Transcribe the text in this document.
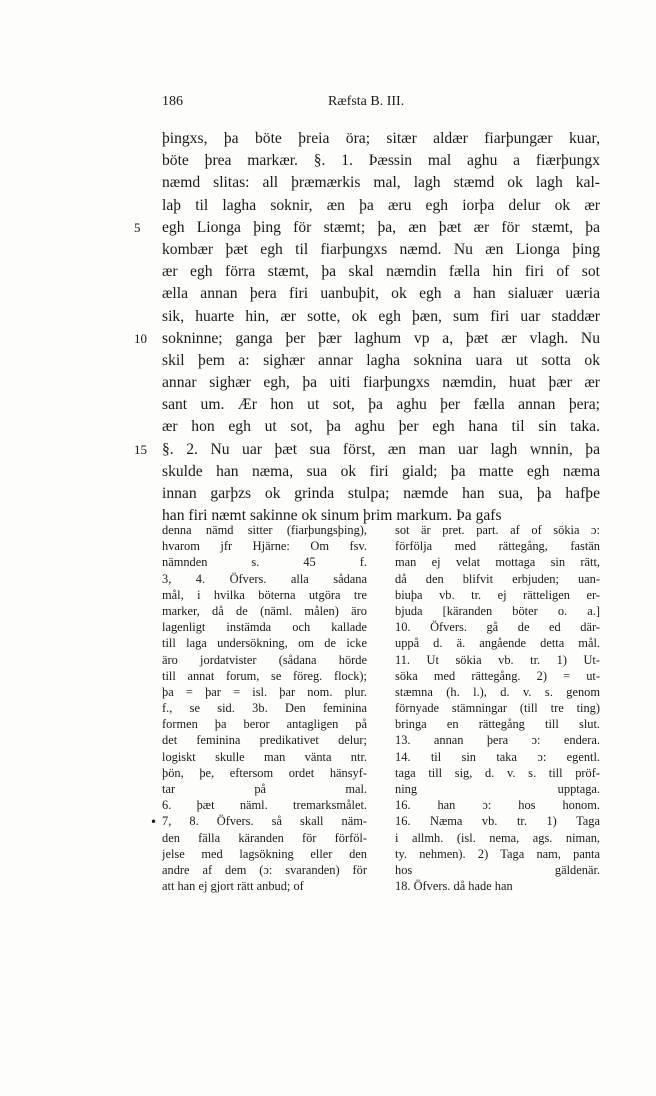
186	Ræfsta B. III.
þingxs, þa böte þreia öra; sitær aldær fiarþungær kuar,
böte þrea markær. §. 1. Þæssin mal aghu a fiærþungx
næmd slitas: all þræmærkis mal, lagh stæmd ok lagh kal-
laþ til lagha soknir, æn þa æru egh iorþa delur ok ær
5	egh Lionga þing för stæmt; þa, æn þæt ær för stæmt, þa
kombær þæt egh til fiarþungxs næmd. Nu æn Lionga þing
ær egh förra stæmt, þa skal næmdin fælla hin firi of sot
ælla annan þera firi uanbuþit, ok egh a han sialuær uæria
sik, huarte hin, ær sotte, ok egh þæn, sum firi uar staddær
10 sokninne; ganga þer þær laghum vp a, þæt ær vlagh. Nu
skil þem a: sighær annar lagha soknina uara ut sotta ok
annar sighær egh, þa uiti fiarþungxs næmdin, huat þær ær
sant um. Ær hon ut sot, þa aghu þer fælla annan þera;
ær hon egh ut sot, þa aghu þer egh hana til sin taka.
15 §. 2. Nu uar þæt sua först, æn man uar lagh wnnin, þa
skulde han næma, sua ok firi giald; þa matte egh næma
innan garþzs ok grinda stulpa; næmde han sua, þa hafþe
han firi næmt sakinne ok sinum þrim markum. Þa gafs
denna nämd sitter (fiarþungsþing),
hvarom jfr Hjärne: Om fsv.
nämnden s. 45 f.
3, 4. Öfvers. alla sådana
mål, i hvilka böterna utgöra tre
marker, då de (näml. målen) äro
lagenligt instämda och kallade
till laga undersökning, om de icke
äro jordatvister (sådana hörde
till annat forum, se föreg. flock);
þa = þar = isl. þar nom. plur.
f., se sid. 3b. Den feminina
formen þa beror antagligen på
det feminina predikativet delur;
logiskt skulle man vänta ntr.
þön, þe, eftersom ordet hänsyf-
tar på mal.
6. þæt näml. tremarksmålet.
7, 8. Öfvers. så skall näm-
den fälla käranden för förföl-
jelse med lagsökning eller den
andre af dem (ɔ: svaranden) för
att han ej gjort rätt anbud; of
sot är pret. part. af of sökia ɔ:
förfölja med rättegång, fastän
man ej velat mottaga sin rätt,
då den blifvit erbjuden; uan-
biuþa vb. tr. ej rätteligen er-
bjuda [käranden böter o. a.]
10. Öfvers. gå de ed där-
uppå d. ä. angående detta mål.
11. Ut sökia vb. tr. 1) Ut-
söka med rättegång. 2) = ut-
stæmna (h. l.), d. v. s. genom
förnyade stämningar (till tre ting)
bringa en rättegång till slut.
13. annan þera ɔ: endera.
14. til sin taka ɔ: egentl.
taga till sig, d. v. s. till pröf-
ning upptaga.
16. han ɔ: hos honom.
16. Næma vb. tr. 1) Taga
i allmh. (isl. nema, ags. niman,
ty. nehmen). 2) Taga nam, panta
hos gäldenär.
18. Öfvers. då hade han
•
